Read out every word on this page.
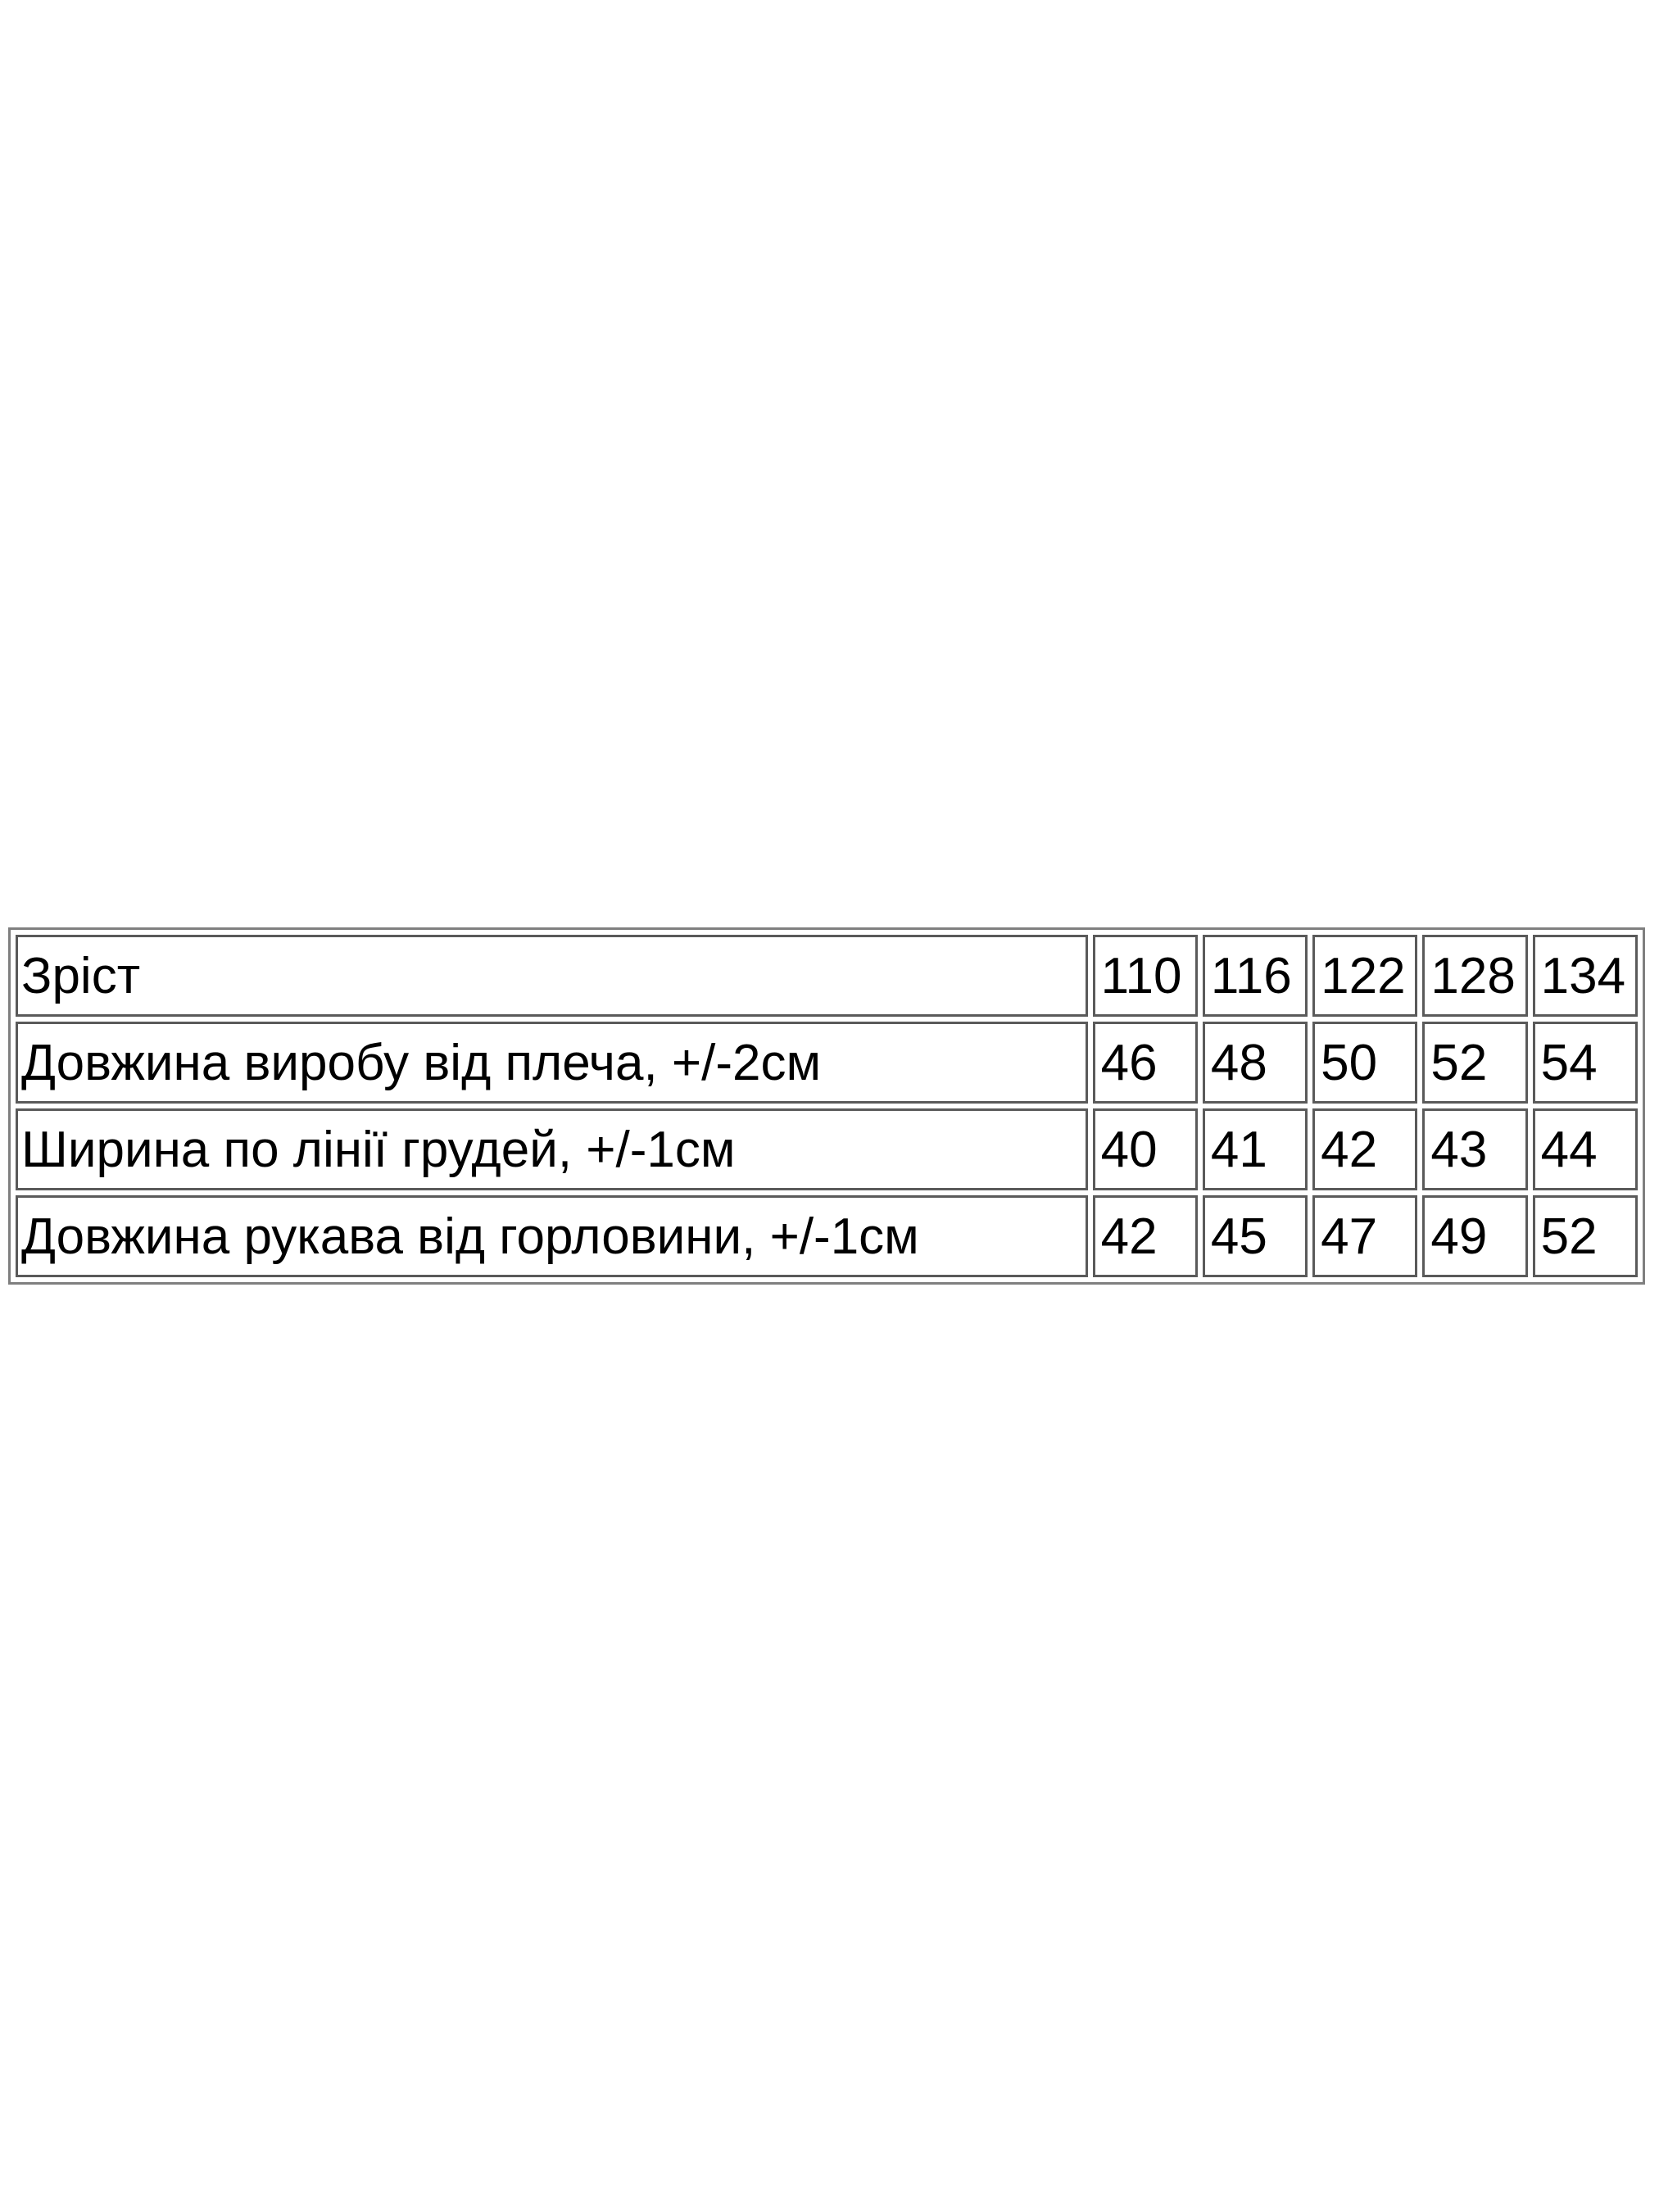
Зріст	110	116	122	128	134
Довжина виробу від плеча, +/-2см	46	48	50	52	54
Ширина по лінії грудей, +/-1см	40	41	42	43	44
Довжина рукава від горловини, +/-1см	42	45	47	49	52
